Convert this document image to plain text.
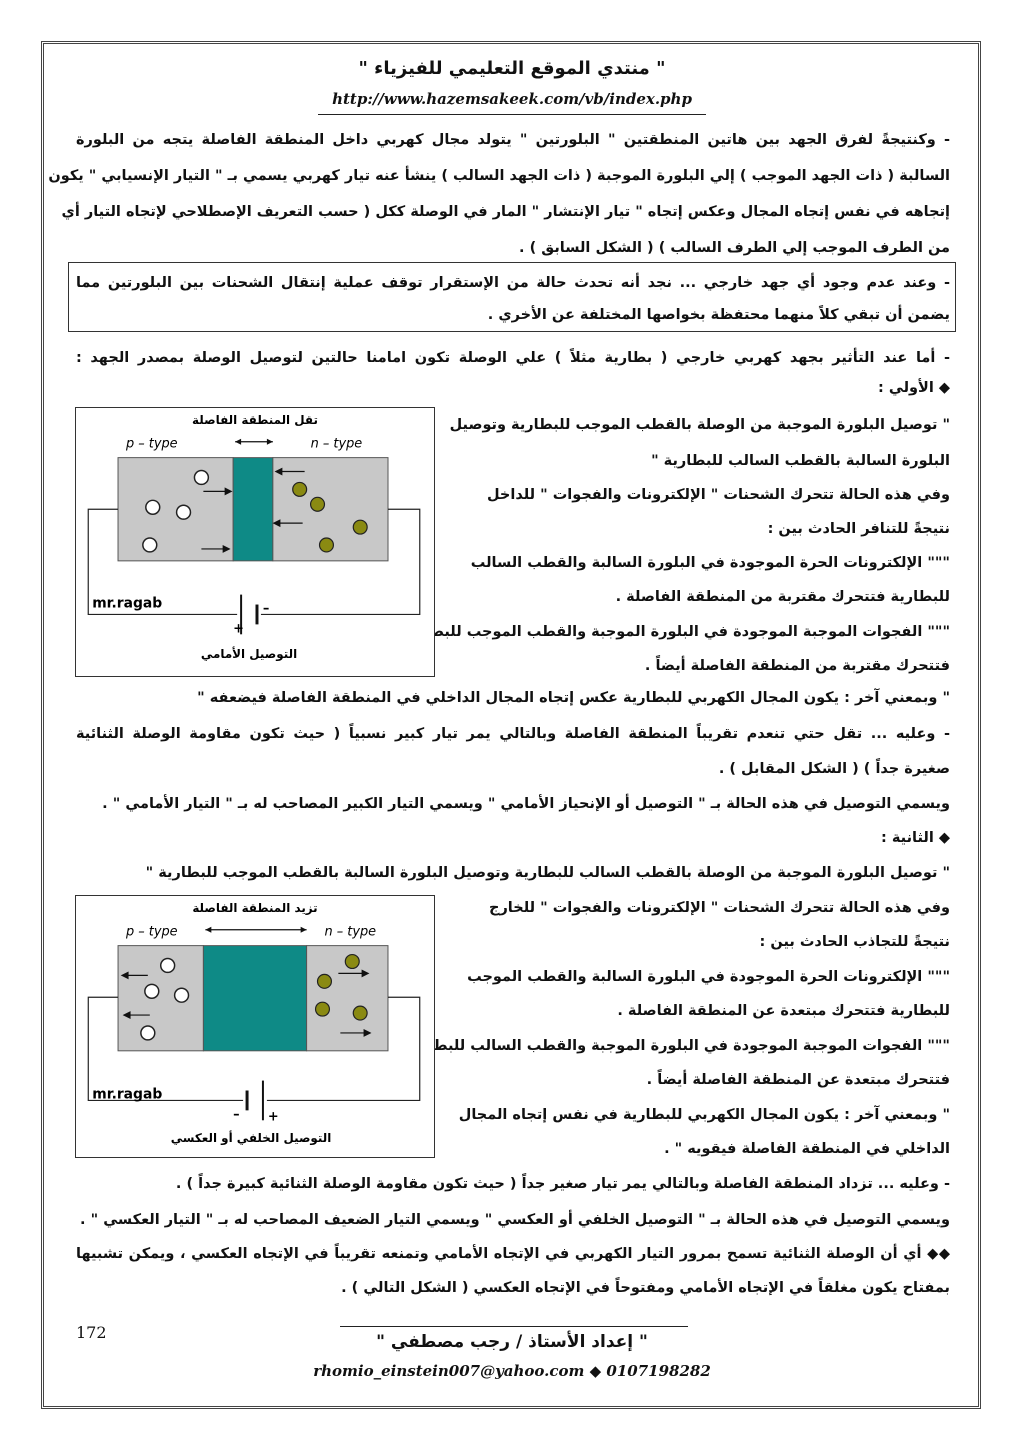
" منتدي الموقع التعليمي للفيزياء "
http://www.hazemsakeek.com/vb/index.php
- وكنتيجةً لفرق الجهد بين هاتين المنطقتين " البلورتين " يتولد مجال كهربي داخل المنطقة الفاصلة يتجه من البلورة
السالبة ( ذات الجهد الموجب ) إلي البلورة الموجبة ( ذات الجهد السالب ) ينشأ عنه تيار كهربي يسمي بـ " التيار الإنسيابي " يكون
إتجاهه في نفس إتجاه المجال وعكس إتجاه " تيار الإنتشار " المار في الوصلة ككل ( حسب التعريف الإصطلاحي لإتجاه التيار أي
من الطرف الموجب إلي الطرف السالب ) ( الشكل السابق ) .
- وعند عدم وجود أي جهد خارجي ... نجد أنه تحدث حالة من الإستقرار توقف عملية إنتقال الشحنات بين البلورتين مما
يضمن أن تبقي كلاً منهما محتفظة بخواصها المختلفة عن الأخري .
- أما عند التأثير بجهد كهربي خارجي ( بطارية مثلاً ) علي الوصلة تكون امامنا حالتين لتوصيل الوصلة بمصدر الجهد :
◆ الأولي :
" توصيل البلورة الموجبة من الوصلة بالقطب الموجب للبطارية وتوصيل
البلورة السالبة بالقطب السالب للبطارية "
وفي هذه الحالة تتحرك الشحنات " الإلكترونات والفجوات " للداخل
نتيجةً للتنافر الحادث بين :
""" الإلكترونات الحرة الموجودة في البلورة السالبة والقطب السالب
للبطارية فتتحرك مقتربة من المنطقة الفاصلة .
""" الفجوات الموجبة الموجودة في البلورة الموجبة والقطب الموجب للبطارية
فتتحرك مقتربة من المنطقة الفاصلة أيضاً .
تقل المنطقة الفاصلة
p – type	n – type
+
–
mr.ragab
التوصيل الأمامي
" وبمعني آخر : يكون المجال الكهربي للبطارية عكس إتجاه المجال الداخلي في المنطقة الفاصلة فيضعفه "
- وعليه ... تقل حتي تنعدم تقريباً المنطقة الفاصلة وبالتالي يمر تيار كبير نسبياً ( حيث تكون مقاومة الوصلة الثنائية
صغيرة جداً ) ( الشكل المقابل ) .
ويسمي التوصيل في هذه الحالة بـ " التوصيل أو الإنحياز الأمامي " ويسمي التيار الكبير المصاحب له بـ " التيار الأمامي " .
◆ الثانية :
" توصيل البلورة الموجبة من الوصلة بالقطب السالب للبطارية وتوصيل البلورة السالبة بالقطب الموجب للبطارية "
وفي هذه الحالة تتحرك الشحنات " الإلكترونات والفجوات " للخارج
نتيجةً للتجاذب الحادث بين :
""" الإلكترونات الحرة الموجودة في البلورة السالبة والقطب الموجب
للبطارية فتتحرك مبتعدة عن المنطقة الفاصلة .
""" الفجوات الموجبة الموجودة في البلورة الموجبة والقطب السالب للبطارية
فتتحرك مبتعدة عن المنطقة الفاصلة أيضاً .
" وبمعني آخر : يكون المجال الكهربي للبطارية في نفس إتجاه المجال
الداخلي في المنطقة الفاصلة فيقويه " .
تزيد المنطقة الفاصلة
p – type	n – type
– +
mr.ragab
التوصيل الخلفي أو العكسي
- وعليه ... تزداد المنطقة الفاصلة وبالتالي يمر تيار صغير جداً ( حيث تكون مقاومة الوصلة الثنائية كبيرة جداً ) .
ويسمي التوصيل في هذه الحالة بـ " التوصيل الخلفي أو العكسي " ويسمي التيار الضعيف المصاحب له بـ " التيار العكسي " .
◆◆ أي أن الوصلة الثنائية تسمح بمرور التيار الكهربي في الإتجاه الأمامي وتمنعه تقريباً في الإتجاه العكسي ، ويمكن تشبيها
بمفتاح يكون مغلقاً في الإتجاه الأمامي ومفتوحاً في الإتجاه العكسي ( الشكل التالي ) .
172	" إعداد الأستاذ / رجب مصطفي "
rhomio_einstein007@yahoo.com ◆ 0107198282
